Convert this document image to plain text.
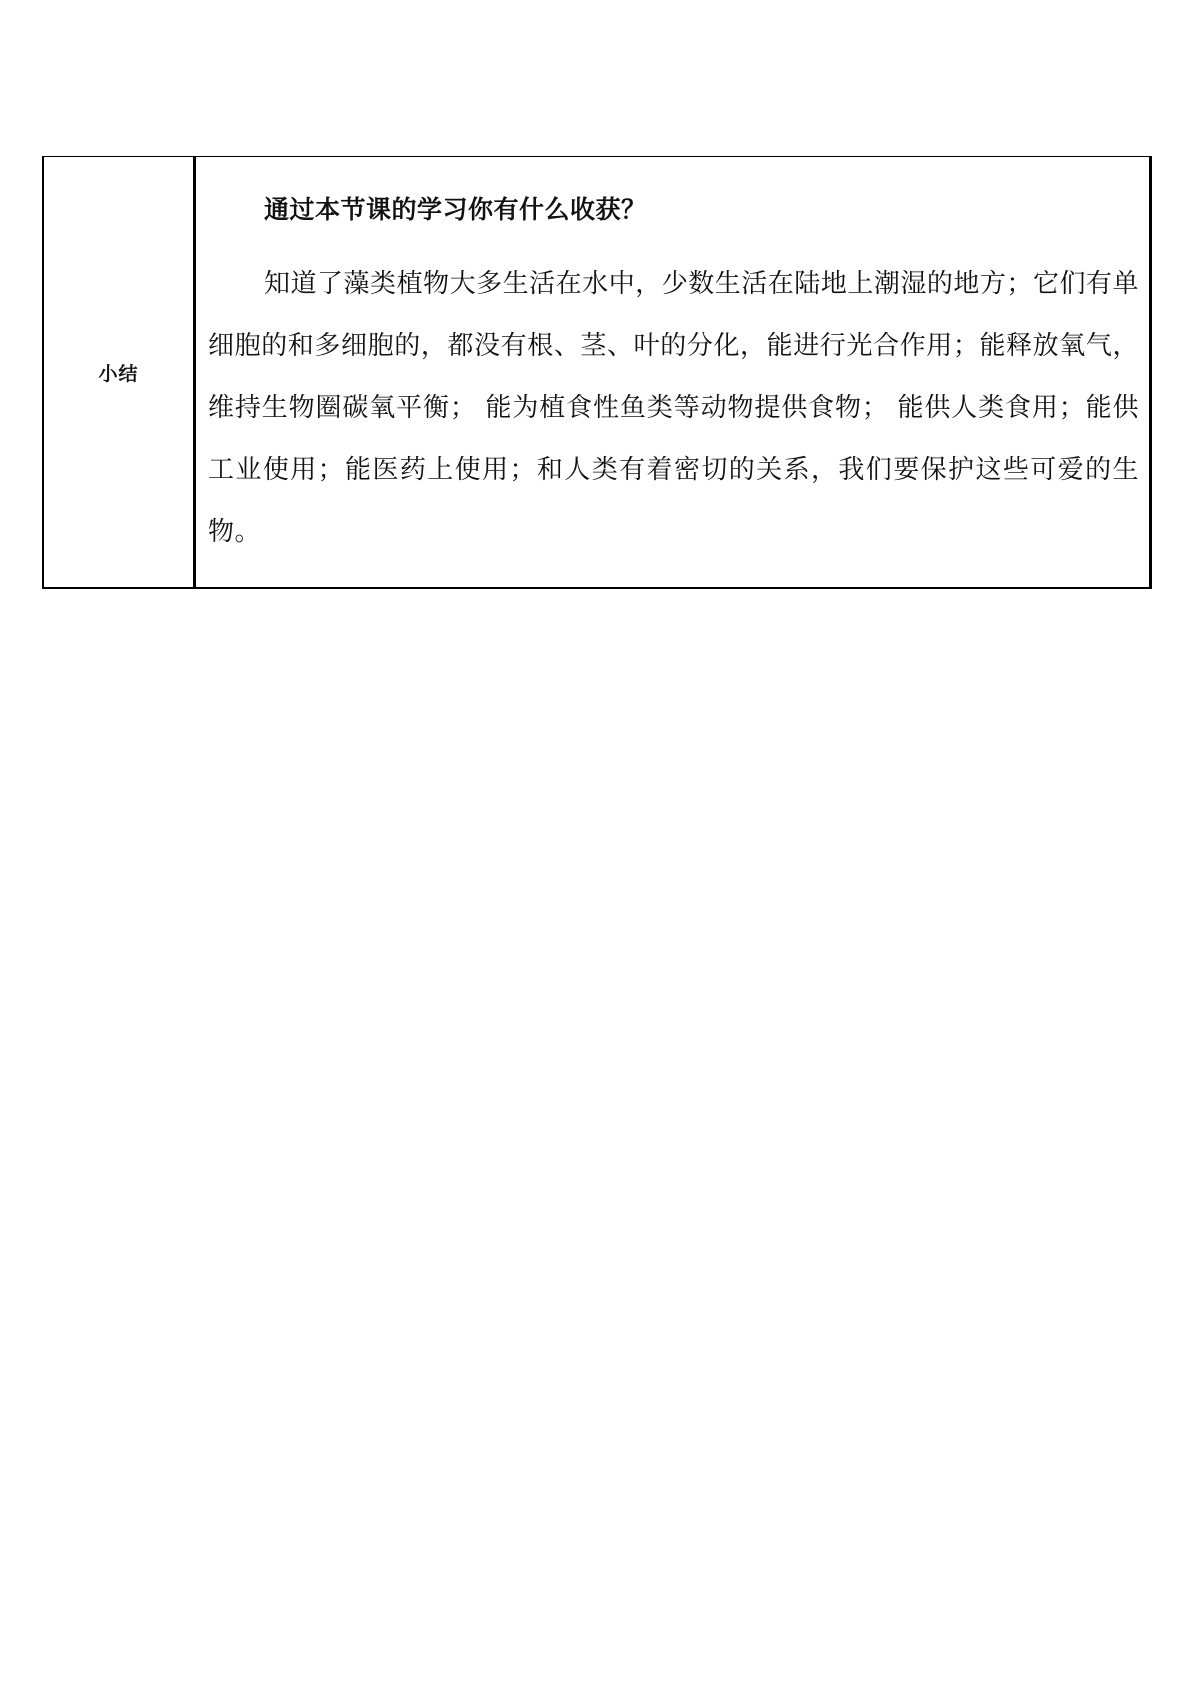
小结	

通过本节课的学习你有什么收获？

知道了藻类植物大多生活在水中，少数生活在陆地上潮湿的地方；它们有单细胞的和多细胞的，都没有根、茎、叶的分化，能进行光合作用；能释放氧气，维持生物圈碳氧平衡； 能为植食性鱼类等动物提供食物； 能供人类食用；能供工业使用；能医药上使用；和人类有着密切的关系，我们要保护这些可爱的生物。
